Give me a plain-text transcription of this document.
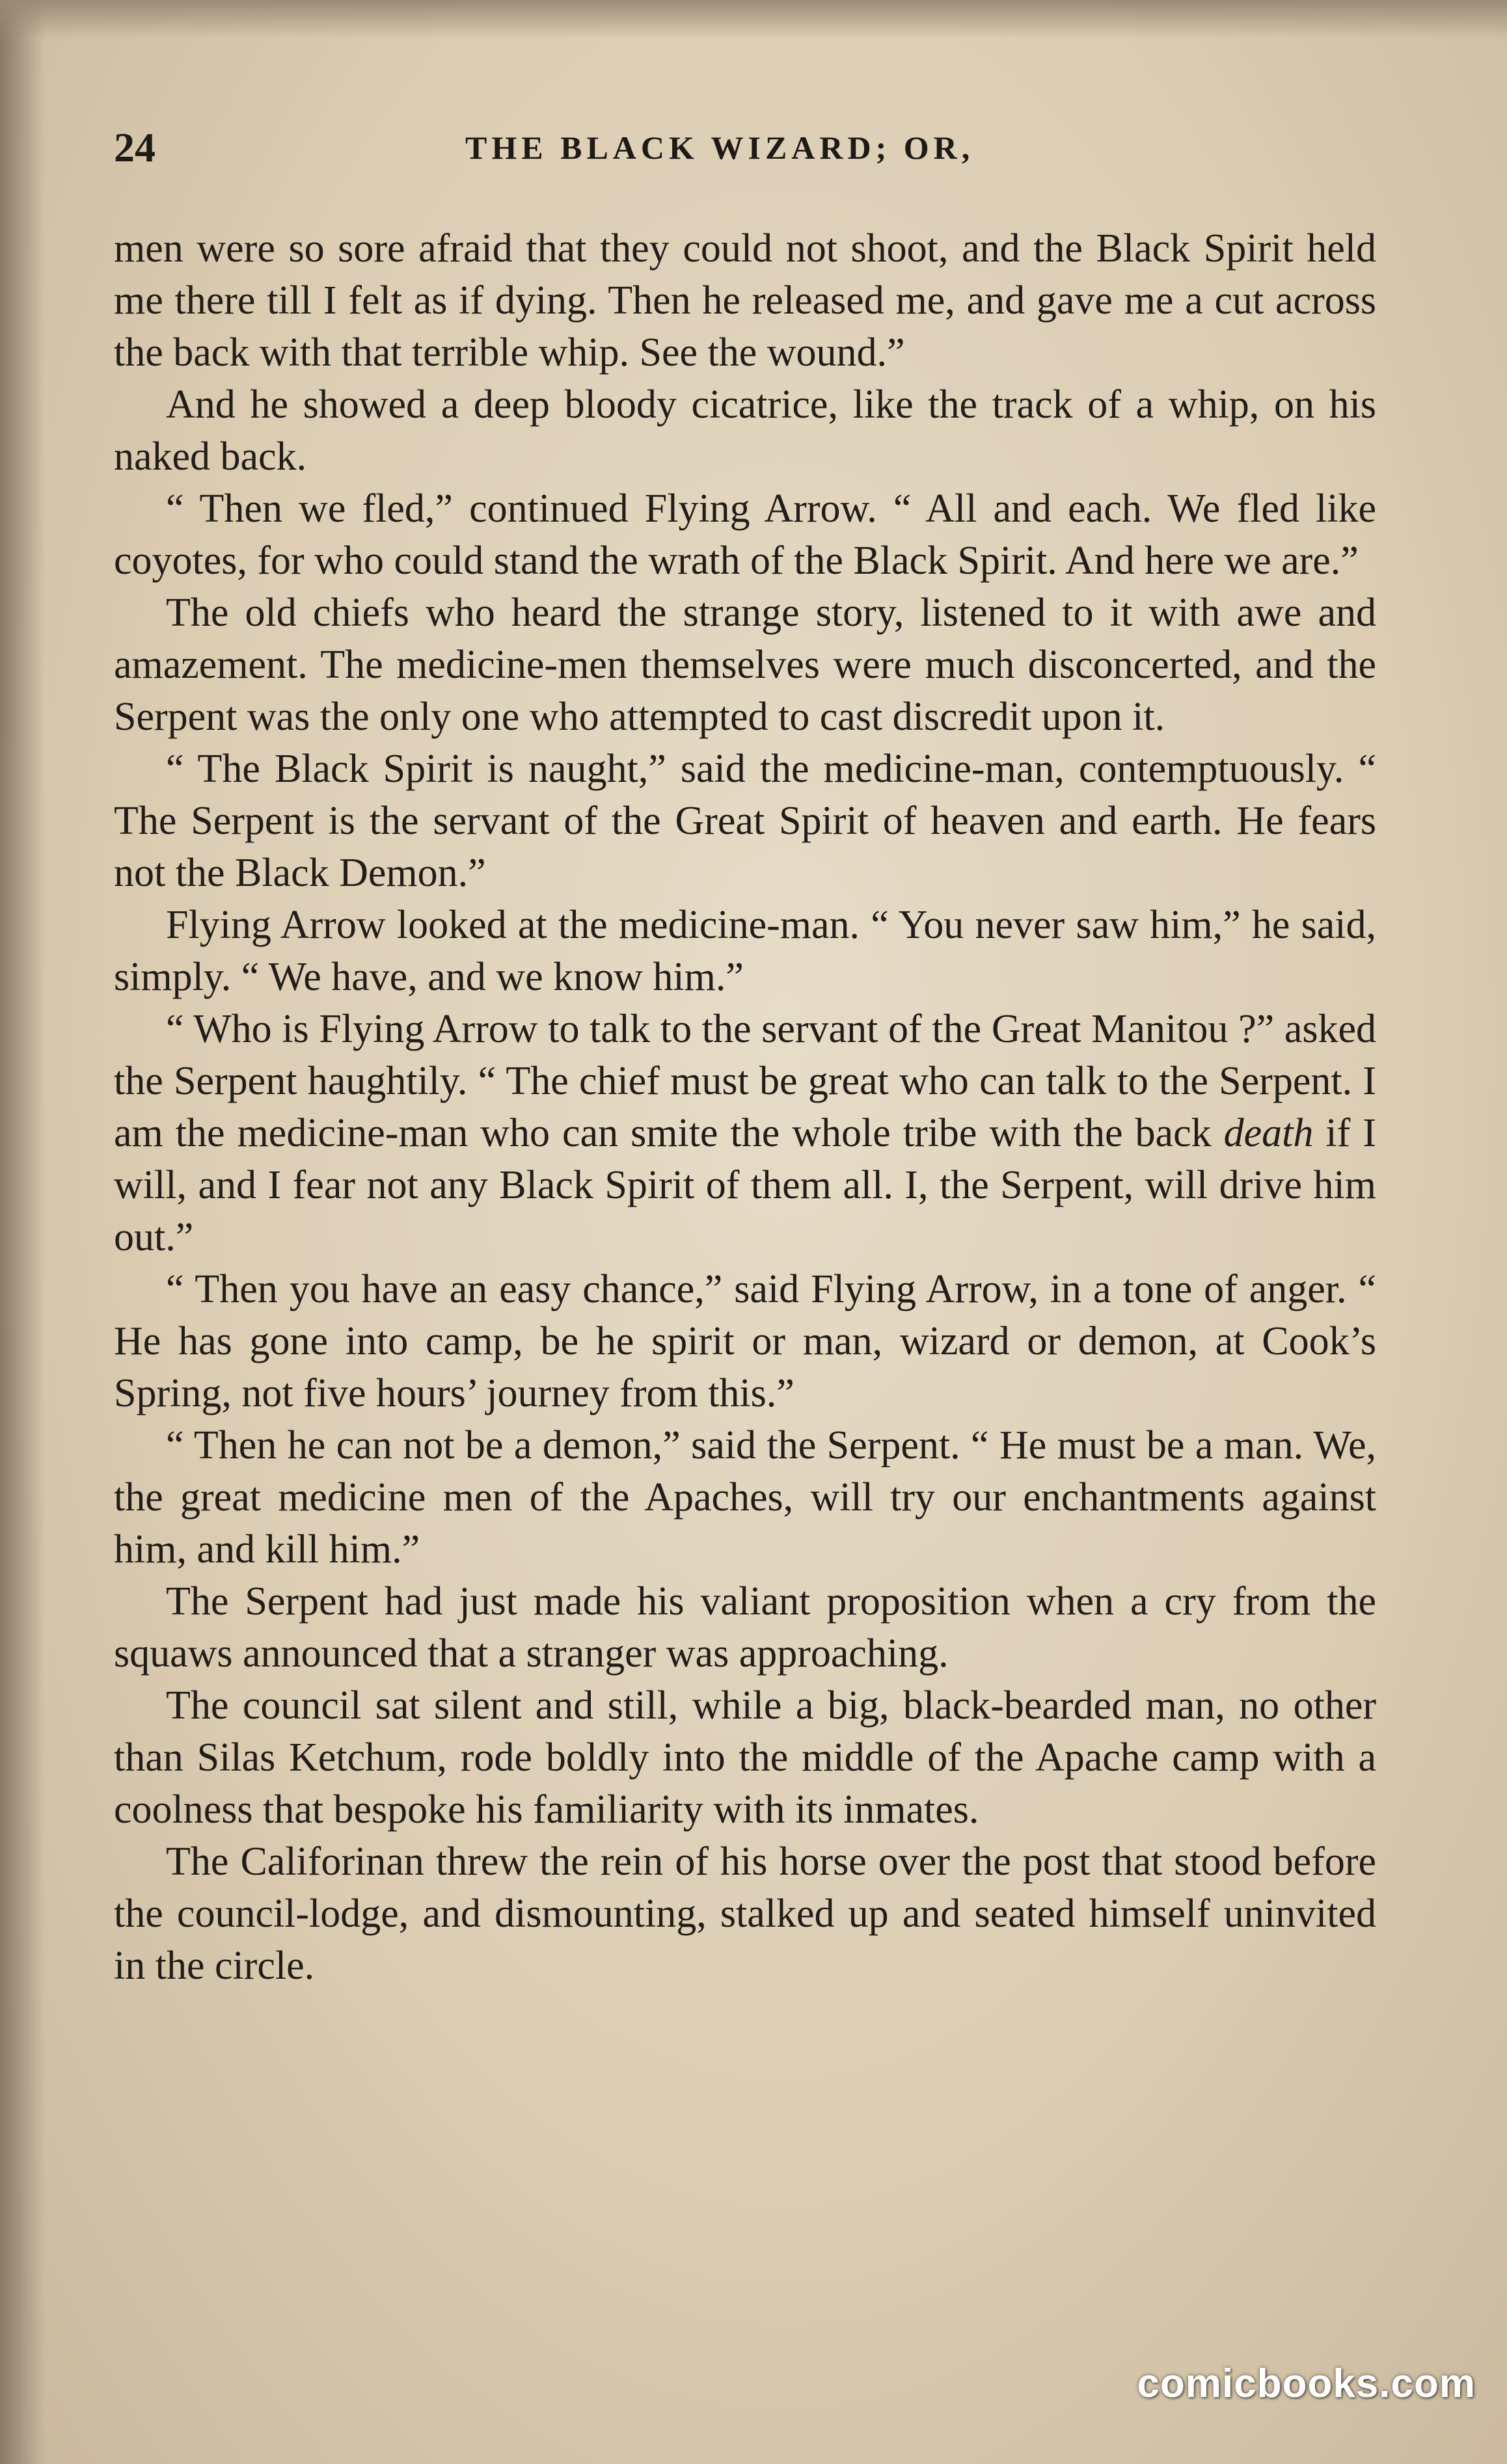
24	THE BLACK WIZARD; OR,

men were so sore afraid that they could not shoot, and the Black Spirit held me there till I felt as if dying. Then he released me, and gave me a cut across the back with that terrible whip. See the wound.”

And he showed a deep bloody cicatrice, like the track of a whip, on his naked back.

“ Then we fled,” continued Flying Arrow. “ All and each. We fled like coyotes, for who could stand the wrath of the Black Spirit. And here we are.”

The old chiefs who heard the strange story, listened to it with awe and amazement. The medicine-men themselves were much disconcerted, and the Serpent was the only one who attempted to cast discredit upon it.

“ The Black Spirit is naught,” said the medicine-man, contemptuously. “ The Serpent is the servant of the Great Spirit of heaven and earth. He fears not the Black Demon.”

Flying Arrow looked at the medicine-man. “ You never saw him,” he said, simply. “ We have, and we know him.”

“ Who is Flying Arrow to talk to the servant of the Great Manitou ?” asked the Serpent haughtily. “ The chief must be great who can talk to the Serpent. I am the medicine-man who can smite the whole tribe with the back death if I will, and I fear not any Black Spirit of them all. I, the Serpent, will drive him out.”

“ Then you have an easy chance,” said Flying Arrow, in a tone of anger. “ He has gone into camp, be he spirit or man, wizard or demon, at Cook’s Spring, not five hours’ journey from this.”

“ Then he can not be a demon,” said the Serpent. “ He must be a man. We, the great medicine men of the Apaches, will try our enchantments against him, and kill him.”

The Serpent had just made his valiant proposition when a cry from the squaws announced that a stranger was approaching.

The council sat silent and still, while a big, black-bearded man, no other than Silas Ketchum, rode boldly into the middle of the Apache camp with a coolness that bespoke his familiarity with its inmates.

The Califorinan threw the rein of his horse over the post that stood before the council-lodge, and dismounting, stalked up and seated himself uninvited in the circle.

comicbooks.com
